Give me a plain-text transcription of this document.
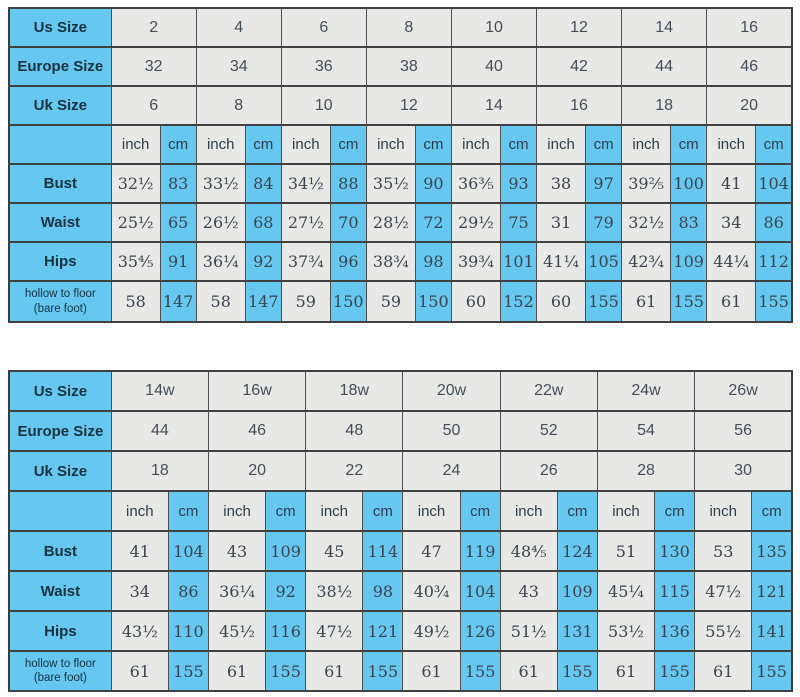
Us Size	2		4		6		8		10		12		14		16	
Europe Size	32		34		36		38		40		42		44		46	
Uk Size	6		8		10		12		14		16		18		20	
	inch	cm	inch	cm	inch	cm	inch	cm	inch	cm	inch	cm	inch	cm	inch	cm
Bust	32½	83	33½	84	34½	88	35½	90	36⅗	93	38	97	39⅖	100	41	104
Waist	25½	65	26½	68	27½	70	28½	72	29½	75	31	79	32½	83	34	86
Hips	35⅘	91	36¼	92	37¾	96	38¾	98	39¾	101	41¼	105	42¾	109	44¼	112
hollow to floor
(bare foot)	58	147	58	147	59	150	59	150	60	152	60	155	61	155	61	155
Us Size	14w		16w		18w		20w		22w		24w		26w	
Europe Size	44		46		48		50		52		54		56	
Uk Size	18		20		22		24		26		28		30	
	inch	cm	inch	cm	inch	cm	inch	cm	inch	cm	inch	cm	inch	cm
Bust	41	104	43	109	45	114	47	119	48⅘	124	51	130	53	135
Waist	34	86	36¼	92	38½	98	40¾	104	43	109	45¼	115	47½	121
Hips	43½	110	45½	116	47½	121	49½	126	51½	131	53½	136	55½	141
hollow to floor
(bare foot)	61	155	61	155	61	155	61	155	61	155	61	155	61	155
